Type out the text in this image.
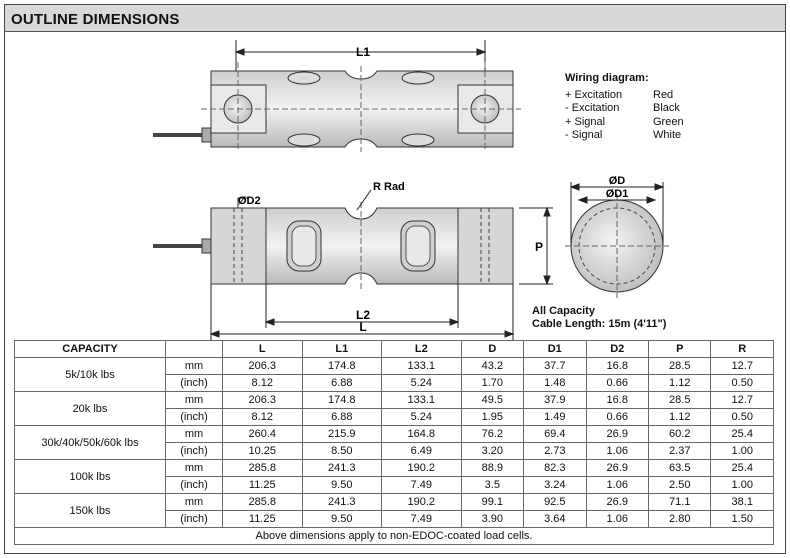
OUTLINE DIMENSIONS
L1
ØD2
R Rad
P
L2
L
ØD
ØD1
Wiring diagram:
+ Excitation	Red
- Excitation	Black
+ Signal	Green
- Signal	White
All Capacity
Cable Length: 15m (4'11")
CAPACITY		L	L1	L2	D	D1	D2	P	R
5k/10k lbs	mm	206.3	174.8	133.1	43.2	37.7	16.8	28.5	12.7
	(inch)	8.12	6.88	5.24	1.70	1.48	0.66	1.12	0.50
20k lbs	mm	206.3	174.8	133.1	49.5	37.9	16.8	28.5	12.7
	(inch)	8.12	6.88	5.24	1.95	1.49	0.66	1.12	0.50
30k/40k/50k/60k lbs	mm	260.4	215.9	164.8	76.2	69.4	26.9	60.2	25.4
	(inch)	10.25	8.50	6.49	3.20	2.73	1.06	2.37	1.00
100k lbs	mm	285.8	241.3	190.2	88.9	82.3	26.9	63.5	25.4
	(inch)	11.25	9.50	7.49	3.5	3.24	1.06	2.50	1.00
150k lbs	mm	285.8	241.3	190.2	99.1	92.5	26.9	71.1	38.1
	(inch)	11.25	9.50	7.49	3.90	3.64	1.06	2.80	1.50
Above dimensions apply to non-EDOC-coated load cells.									
